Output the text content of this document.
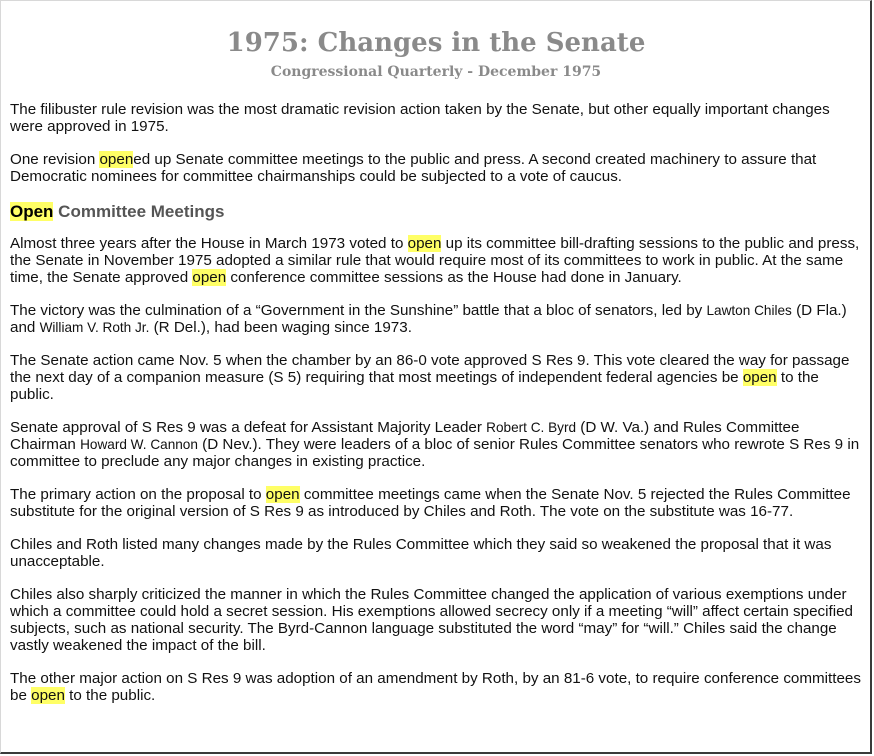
1975: Changes in the Senate
Congressional Quarterly - December 1975

The filibuster rule revision was the most dramatic revision action taken by the Senate, but other equally important changes were approved in 1975.

One revision opened up Senate committee meetings to the public and press. A second created machinery to assure that Democratic nominees for committee chairmanships could be subjected to a vote of caucus.

Open Committee Meetings

Almost three years after the House in March 1973 voted to open up its committee bill-drafting sessions to the public and press, the Senate in November 1975 adopted a similar rule that would require most of its committees to work in public. At the same time, the Senate approved open conference committee sessions as the House had done in January.

The victory was the culmination of a “Government in the Sunshine” battle that a bloc of senators, led by Lawton Chiles (D Fla.) and William V. Roth Jr. (R Del.), had been waging since 1973.

The Senate action came Nov. 5 when the chamber by an 86-0 vote approved S Res 9. This vote cleared the way for passage the next day of a companion measure (S 5) requiring that most meetings of independent federal agencies be open to the public.

Senate approval of S Res 9 was a defeat for Assistant Majority Leader Robert C. Byrd (D W. Va.) and Rules Committee Chairman Howard W. Cannon (D Nev.). They were leaders of a bloc of senior Rules Committee senators who rewrote S Res 9 in committee to preclude any major changes in existing practice.

The primary action on the proposal to open committee meetings came when the Senate Nov. 5 rejected the Rules Committee substitute for the original version of S Res 9 as introduced by Chiles and Roth. The vote on the substitute was 16-77.

Chiles and Roth listed many changes made by the Rules Committee which they said so weakened the proposal that it was unacceptable.

Chiles also sharply criticized the manner in which the Rules Committee changed the application of various exemptions under which a committee could hold a secret session. His exemptions allowed secrecy only if a meeting “will” affect certain specified subjects, such as national security. The Byrd-Cannon language substituted the word “may” for “will.” Chiles said the change vastly weakened the impact of the bill.

The other major action on S Res 9 was adoption of an amendment by Roth, by an 81-6 vote, to require conference committees be open to the public.
